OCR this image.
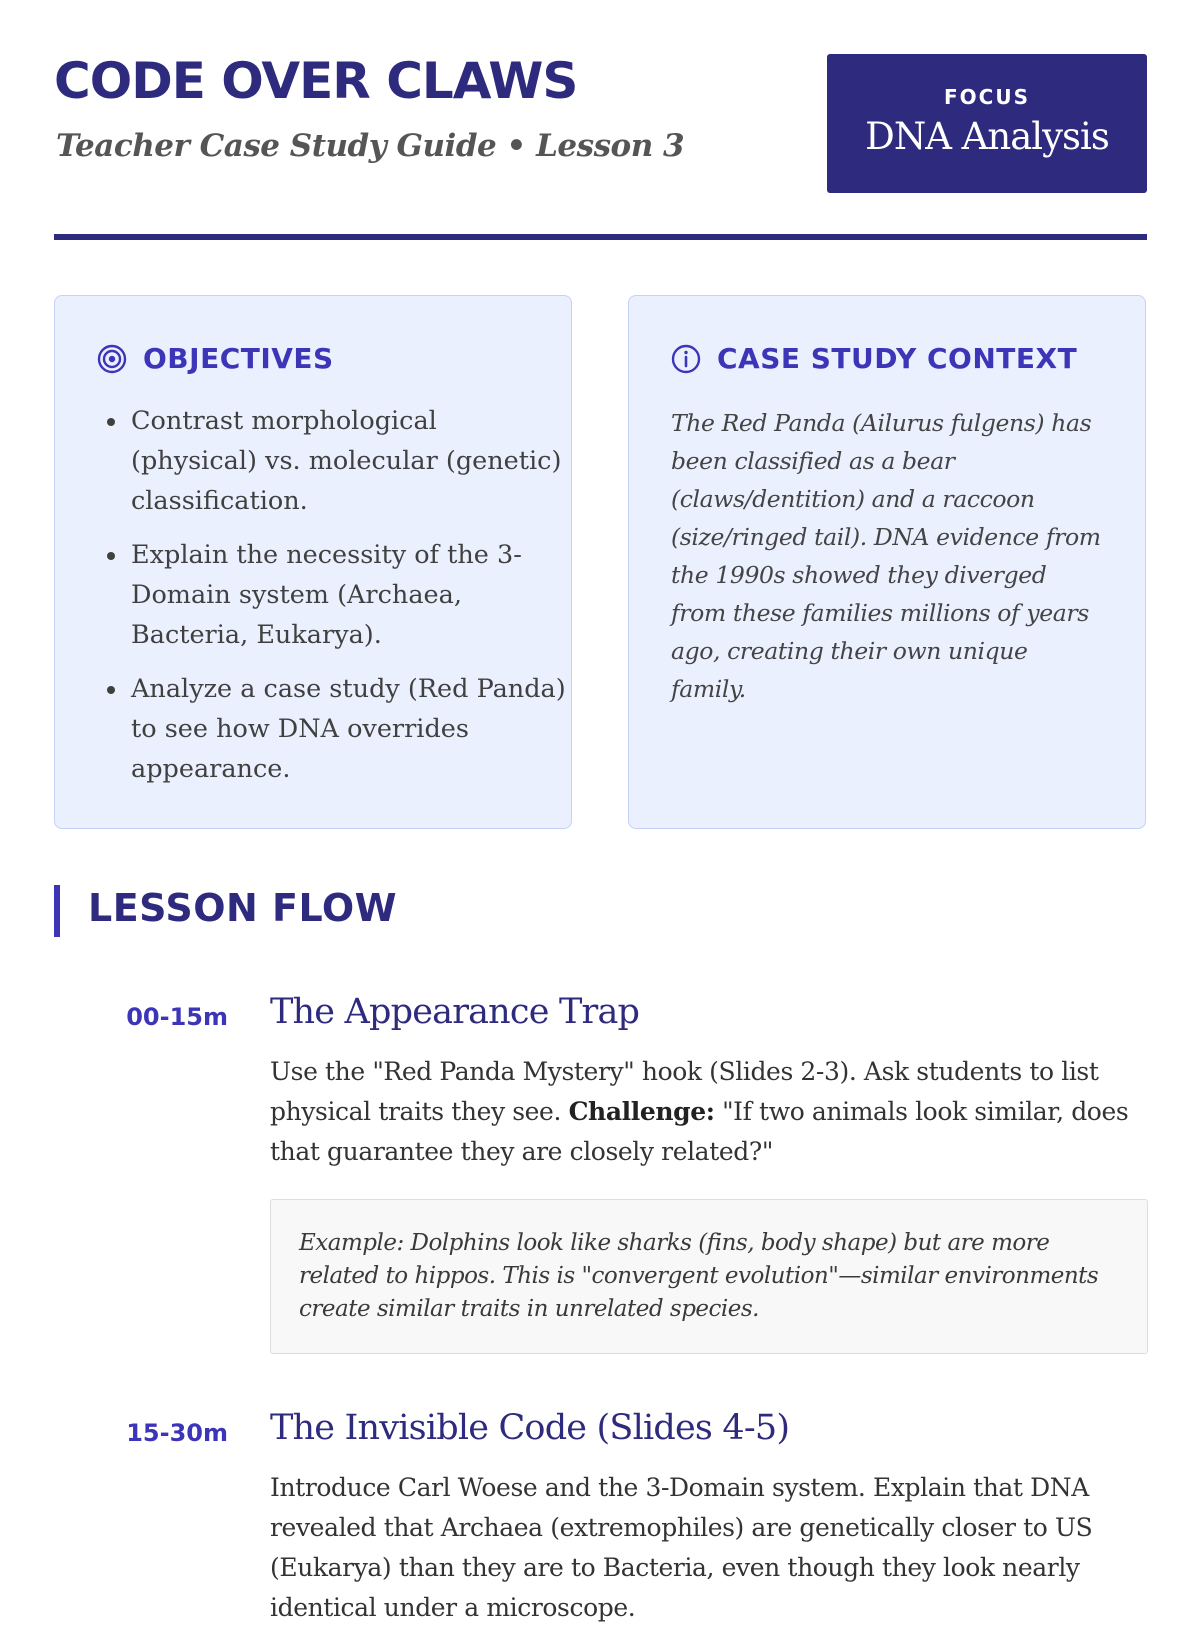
CODE OVER CLAWS

Teacher Case Study Guide • Lesson 3

FOCUS
DNA Analysis
OBJECTIVES
• Contrast morphological (physical) vs. molecular (genetic) classification.
• Explain the necessity of the 3-Domain system (Archaea, Bacteria, Eukarya).
• Analyze a case study (Red Panda) to see how DNA overrides appearance.
CASE STUDY CONTEXT

The Red Panda (Ailurus fulgens) has been classified as a bear (claws/dentition) and a raccoon (size/ringed tail). DNA evidence from the 1990s showed they diverged from these families millions of years ago, creating their own unique family.

LESSON FLOW
00-15m The Appearance Trap

Use the "Red Panda Mystery" hook (Slides 2-3). Ask students to list physical traits they see. Challenge: "If two animals look similar, does that guarantee they are closely related?"

Example: Dolphins look like sharks (fins, body shape) but are more related to hippos. This is "convergent evolution"—similar environments create similar traits in unrelated species.

15-30m The Invisible Code (Slides 4-5)

Introduce Carl Woese and the 3-Domain system. Explain that DNA revealed that Archaea (extremophiles) are genetically closer to US (Eukarya) than they are to Bacteria, even though they look nearly identical under a microscope.
